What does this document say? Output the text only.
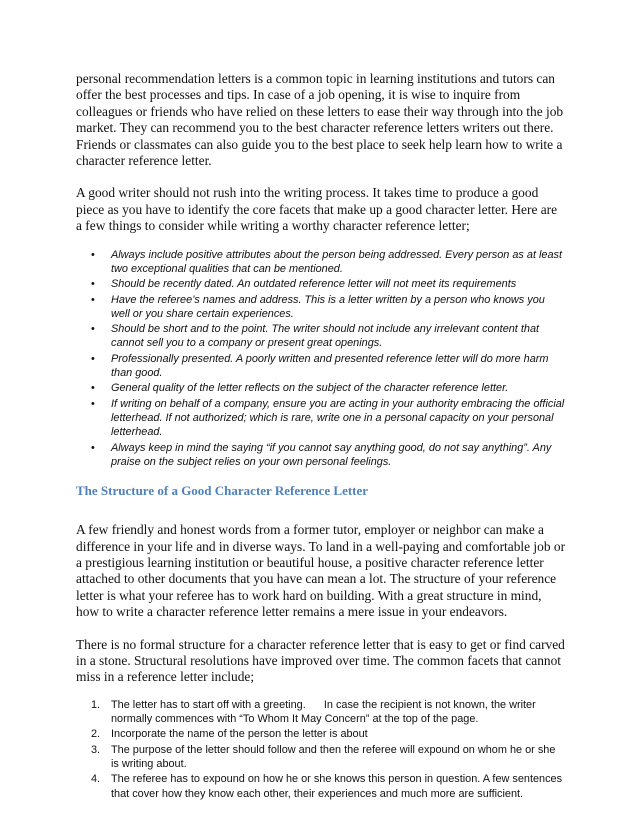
personal recommendation letters is a common topic in learning institutions and tutors can offer the best processes and tips. In case of a job opening, it is wise to inquire from colleagues or friends who have relied on these letters to ease their way through into the job market. They can recommend you to the best character reference letters writers out there. Friends or classmates can also guide you to the best place to seek help learn how to write a character reference letter.

A good writer should not rush into the writing process. It takes time to produce a good piece as you have to identify the core facets that make up a good character letter. Here are a few things to consider while writing a worthy character reference letter;

• Always include positive attributes about the person being addressed. Every person as at least two exceptional qualities that can be mentioned.
• Should be recently dated. An outdated reference letter will not meet its requirements
• Have the referee’s names and address. This is a letter written by a person who knows you well or you share certain experiences.
• Should be short and to the point. The writer should not include any irrelevant content that cannot sell you to a company or present great openings.
• Professionally presented. A poorly written and presented reference letter will do more harm than good.
• General quality of the letter reflects on the subject of the character reference letter.
• If writing on behalf of a company, ensure you are acting in your authority embracing the official letterhead. If not authorized; which is rare, write one in a personal capacity on your personal letterhead.
• Always keep in mind the saying “if you cannot say anything good, do not say anything”. Any praise on the subject relies on your own personal feelings.
The Structure of a Good Character Reference Letter

A few friendly and honest words from a former tutor, employer or neighbor can make a difference in your life and in diverse ways. To land in a well-paying and comfortable job or a prestigious learning institution or beautiful house, a positive character reference letter attached to other documents that you have can mean a lot. The structure of your reference letter is what your referee has to work hard on building. With a great structure in mind, how to write a character reference letter remains a mere issue in your endeavors.

There is no formal structure for a character reference letter that is easy to get or find carved in a stone. Structural resolutions have improved over time. The common facets that cannot miss in a reference letter include;

1. The letter has to start off with a greeting.      In case the recipient is not known, the writer normally commences with “To Whom It May Concern” at the top of the page.
2. Incorporate the name of the person the letter is about
3. The purpose of the letter should follow and then the referee will expound on whom he or she is writing about.
4. The referee has to expound on how he or she knows this person in question. A few sentences that cover how they know each other, their experiences and much more are sufficient.
